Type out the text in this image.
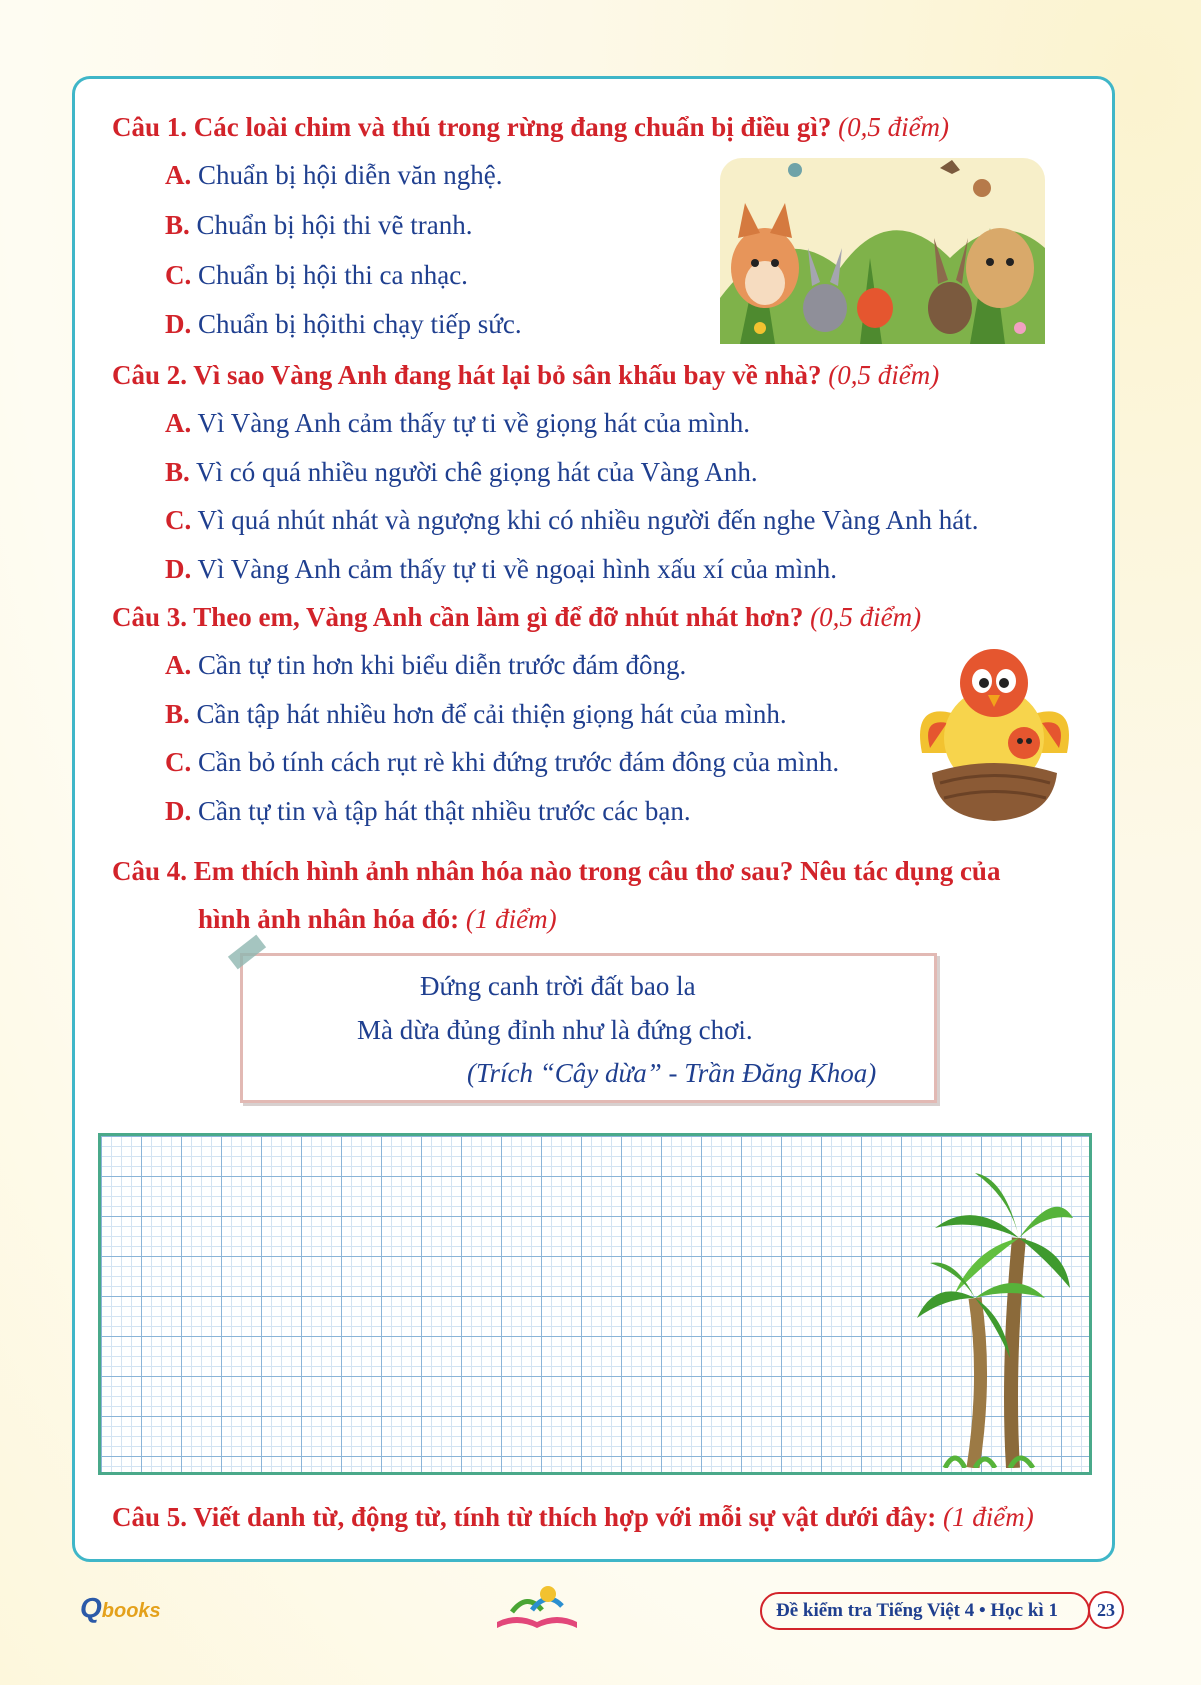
Câu 1. Các loài chim và thú trong rừng đang chuẩn bị điều gì? (0,5 điểm)
A. Chuẩn bị hội diễn văn nghệ.
B. Chuẩn bị hội thi vẽ tranh.
C. Chuẩn bị hội thi ca nhạc.
D. Chuẩn bị hộithi chạy tiếp sức.
Câu 2. Vì sao Vàng Anh đang hát lại bỏ sân khấu bay về nhà? (0,5 điểm)
A. Vì Vàng Anh cảm thấy tự ti về giọng hát của mình.
B. Vì có quá nhiều người chê giọng hát của Vàng Anh.
C. Vì quá nhút nhát và ngượng khi có nhiều người đến nghe Vàng Anh hát.
D. Vì Vàng Anh cảm thấy tự ti về ngoại hình xấu xí của mình.
Câu 3. Theo em, Vàng Anh cần làm gì để đỡ nhút nhát hơn? (0,5 điểm)
A. Cần tự tin hơn khi biểu diễn trước đám đông.
B. Cần tập hát nhiều hơn để cải thiện giọng hát của mình.
C. Cần bỏ tính cách rụt rè khi đứng trước đám đông của mình.
D. Cần tự tin và tập hát thật nhiều trước các bạn.
Câu 4. Em thích hình ảnh nhân hóa nào trong câu thơ sau? Nêu tác dụng của
hình ảnh nhân hóa đó: (1 điểm)
Đứng canh trời đất bao la
Mà dừa đủng đỉnh như là đứng chơi.
(Trích “Cây dừa” - Trần Đăng Khoa)
Câu 5. Viết danh từ, động từ, tính từ thích hợp với mỗi sự vật dưới đây: (1 điểm)
Qbooks	Đề kiểm tra Tiếng Việt 4 • Học kì 1	23
